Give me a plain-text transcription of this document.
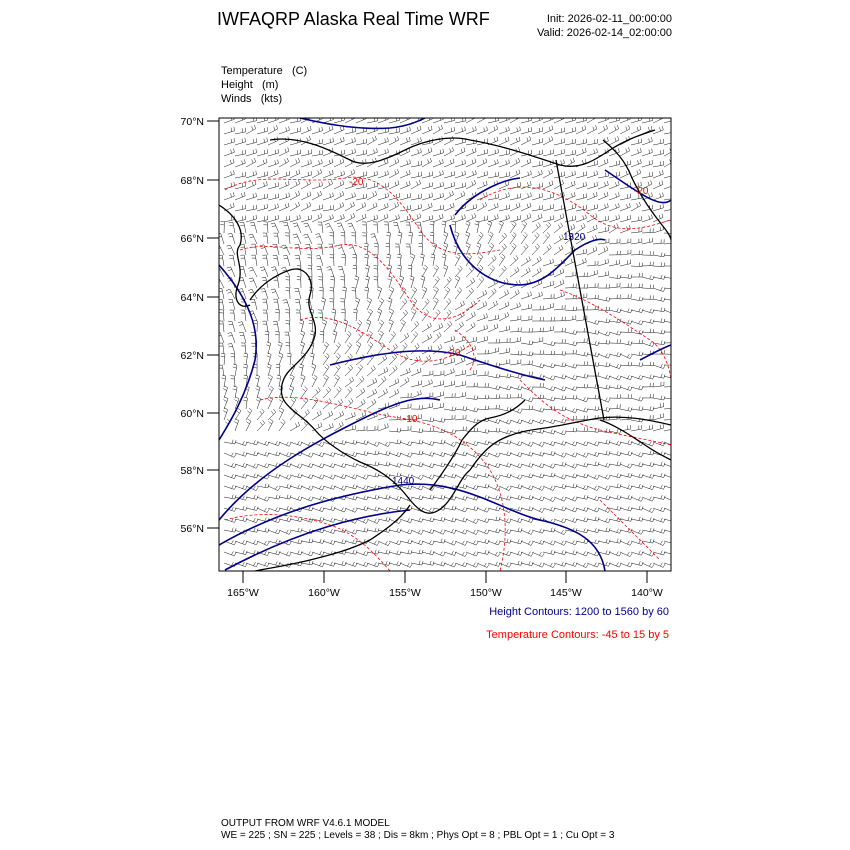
IWFAQRP Alaska Real Time WRF	Init: 2026-02-11_00:00:00
Valid: 2026-02-14_02:00:00
Temperature (C)
Height (m)
Winds (kts)
70°N
68°N
66°N
64°N
62°N
60°N
58°N
56°N
165°W	160°W	155°W	150°W	145°W	140°W
-20
-20
-20
-10
1320
1440
Height Contours: 1200 to 1560 by 60
Temperature Contours: -45 to 15 by 5
OUTPUT FROM WRF V4.6.1 MODEL
WE = 225 ; SN = 225 ; Levels = 38 ; Dis = 8km ; Phys Opt = 8 ; PBL Opt = 1 ; Cu Opt = 3
